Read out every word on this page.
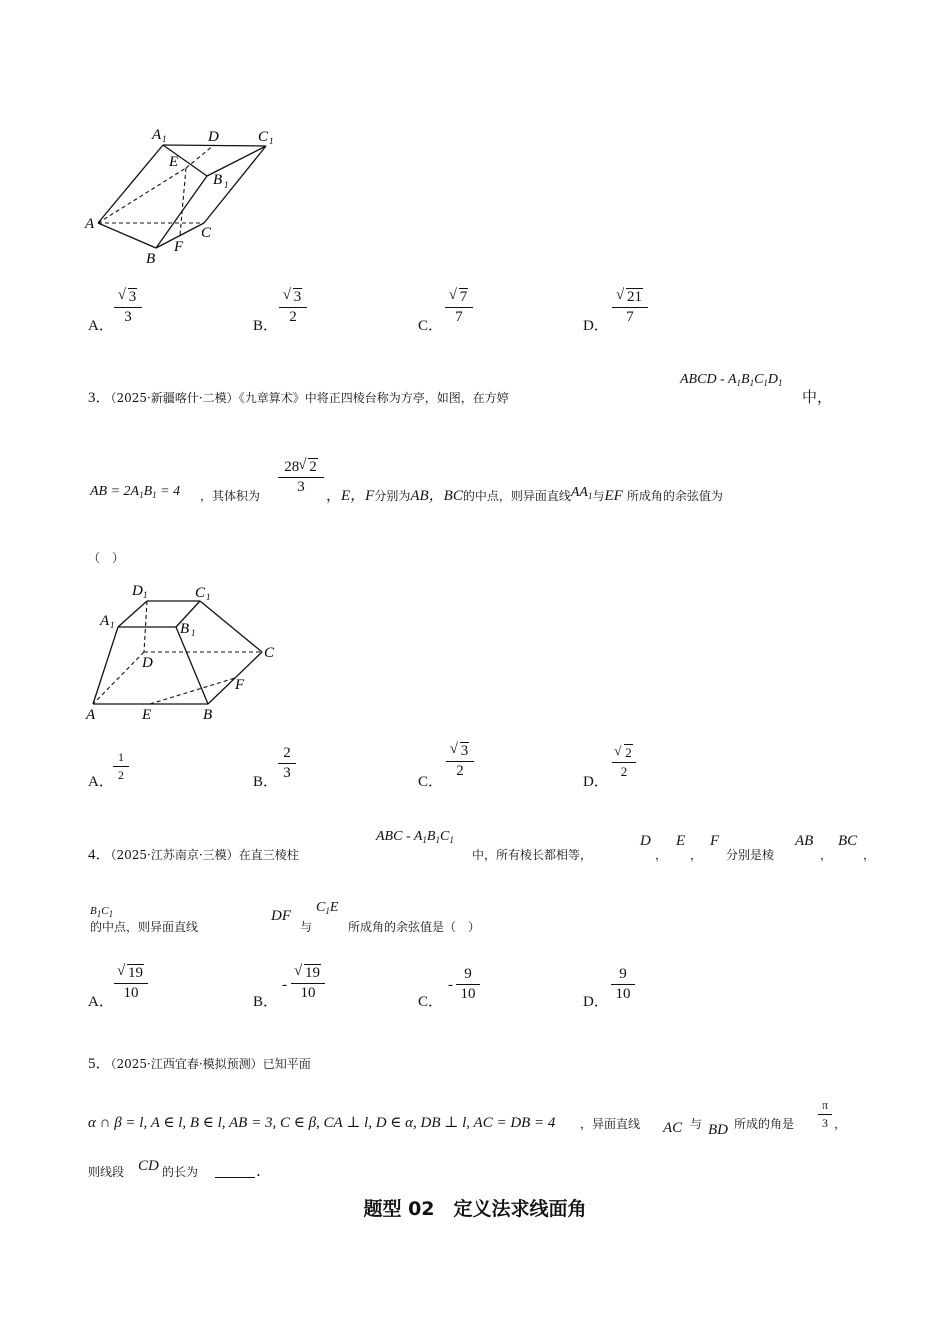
A 1	D	C 1
E
B 1
A
C
F
B
A． √ $\frac{3}{3}$	B． √ $\frac{3}{2}$	C． √ $\frac{7}{7}$	D． √ $\frac{21}{7}$
3．（2025·新疆喀什·二模）《九章算术》中将正四棱台称为方亭，如图，在方婷
ABCD - $A_1B_1C_1D_1$
中，
AB = $2A_1B_1 = 4$ ，其体积为 $\frac{28 √ 2}{3}$ ，E，F分别为AB，BC的中点，则异面直线$AA_1$与EF 所成角的余弦值为
（　）
D 1	C 1
A 1	B 1
D
C
F
A	E	B
A． $\frac{1}{2}$	B． $\frac{2}{3}$	C．
√ $\frac{3}{2}$
D．
√ $\frac{2}{2}$
4．（2025·江苏南京·三模）在直三棱柱
ABC - $A_1B_1C_1$
中，所有棱长都相等，
D
，
E
，
F
分别是棱
AB
，
BC
，
$B_1C_1$
的中点，则异面直线
DF
与
$C_1E$
所成角的余弦值是（　）
A． √ $\frac{19}{10}$	B．
- √ $\frac{19}{10}$	C．
- $\frac{9}{10}$	D． $\frac{9}{10}$
5．（2025·江西宜春·模拟预测）已知平面
α ∩ β = l, A ∈ l, B ∈ l, AB = 3, C ∈ β, CA ⊥ l, D ∈ α, DB ⊥ l, AC = DB = 4 ，异面直线 AC 与 BD 所成的角是 $\frac{\pi}{3}$ ，
则线段 CD 的长为	.
题型 02　定义法求线面角
